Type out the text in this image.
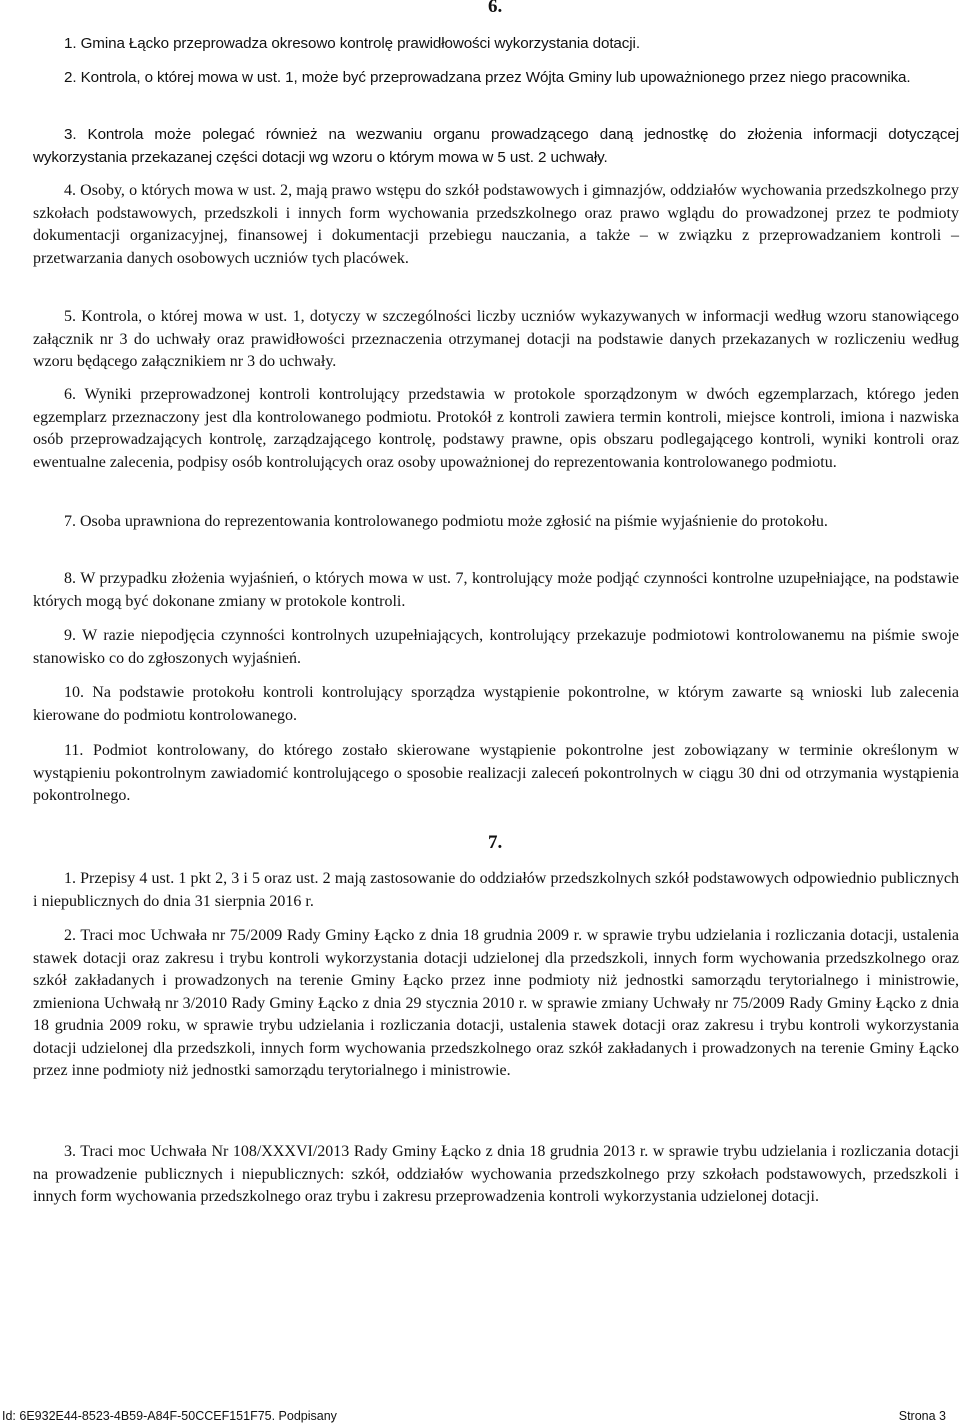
6.

1. Gmina Łącko przeprowadza okresowo kontrolę prawidłowości wykorzystania dotacji.

2. Kontrola, o której mowa w ust. 1, może być przeprowadzana przez Wójta Gminy lub upoważnionego przez niego pracownika.

3. Kontrola może polegać również na wezwaniu organu prowadzącego daną jednostkę do złożenia informacji dotyczącej wykorzystania przekazanej części dotacji wg wzoru o którym mowa w 5 ust. 2 uchwały.

4. Osoby, o których mowa w ust. 2, mają prawo wstępu do szkół podstawowych i gimnazjów, oddziałów wychowania przedszkolnego przy szkołach podstawowych, przedszkoli i innych form wychowania przedszkolnego oraz prawo wglądu do prowadzonej przez te podmioty dokumentacji organizacyjnej, finansowej i dokumentacji przebiegu nauczania, a także – w związku z przeprowadzaniem kontroli – przetwarzania danych osobowych uczniów tych placówek.

5. Kontrola, o której mowa w ust. 1, dotyczy w szczególności liczby uczniów wykazywanych w informacji według wzoru stanowiącego załącznik nr 3 do uchwały oraz prawidłowości przeznaczenia otrzymanej dotacji na podstawie danych przekazanych w rozliczeniu według wzoru będącego załącznikiem nr 3 do uchwały.

6. Wyniki przeprowadzonej kontroli kontrolujący przedstawia w protokole sporządzonym w dwóch egzemplarzach, którego jeden egzemplarz przeznaczony jest dla kontrolowanego podmiotu. Protokół z kontroli zawiera termin kontroli, miejsce kontroli, imiona i nazwiska osób przeprowadzających kontrolę, zarządzającego kontrolę, podstawy prawne, opis obszaru podlegającego kontroli, wyniki kontroli oraz ewentualne zalecenia, podpisy osób kontrolujących oraz osoby upoważnionej do reprezentowania kontrolowanego podmiotu.

7. Osoba uprawniona do reprezentowania kontrolowanego podmiotu może zgłosić na piśmie wyjaśnienie do protokołu.

8. W przypadku złożenia wyjaśnień, o których mowa w ust. 7, kontrolujący może podjąć czynności kontrolne uzupełniające, na podstawie których mogą być dokonane zmiany w protokole kontroli.

9. W razie niepodjęcia czynności kontrolnych uzupełniających, kontrolujący przekazuje podmiotowi kontrolowanemu na piśmie swoje stanowisko co do zgłoszonych wyjaśnień.

10. Na podstawie protokołu kontroli kontrolujący sporządza wystąpienie pokontrolne, w którym zawarte są wnioski lub zalecenia kierowane do podmiotu kontrolowanego.

11. Podmiot kontrolowany, do którego zostało skierowane wystąpienie pokontrolne jest zobowiązany w terminie określonym w wystąpieniu pokontrolnym zawiadomić kontrolującego o sposobie realizacji zaleceń pokontrolnych w ciągu 30 dni od otrzymania wystąpienia pokontrolnego.

7.

1. Przepisy 4 ust. 1 pkt 2, 3 i 5 oraz ust. 2 mają zastosowanie do oddziałów przedszkolnych szkół podstawowych odpowiednio publicznych i niepublicznych do dnia 31 sierpnia 2016 r.

2. Traci moc Uchwała nr 75/2009 Rady Gminy Łącko z dnia 18 grudnia 2009 r. w sprawie trybu udzielania i rozliczania dotacji, ustalenia stawek dotacji oraz zakresu i trybu kontroli wykorzystania dotacji udzielonej dla przedszkoli, innych form wychowania przedszkolnego oraz szkół zakładanych i prowadzonych na terenie Gminy Łącko przez inne podmioty niż jednostki samorządu terytorialnego i ministrowie, zmieniona Uchwałą nr 3/2010 Rady Gminy Łącko z dnia 29 stycznia 2010 r. w sprawie zmiany Uchwały nr 75/2009 Rady Gminy Łącko z dnia 18 grudnia 2009 roku, w sprawie trybu udzielania i rozliczania dotacji, ustalenia stawek dotacji oraz zakresu i trybu kontroli wykorzystania dotacji udzielonej dla przedszkoli, innych form wychowania przedszkolnego oraz szkół zakładanych i prowadzonych na terenie Gminy Łącko przez inne podmioty niż jednostki samorządu terytorialnego i ministrowie.

3. Traci moc Uchwała Nr 108/XXXVI/2013 Rady Gminy Łącko z dnia 18 grudnia 2013 r. w sprawie trybu udzielania i rozliczania dotacji na prowadzenie publicznych i niepublicznych: szkół, oddziałów wychowania przedszkolnego przy szkołach podstawowych, przedszkoli i innych form wychowania przedszkolnego oraz trybu i zakresu przeprowadzenia kontroli wykorzystania udzielonej dotacji.

Id: 6E932E44-8523-4B59-A84F-50CCEF151F75. Podpisany	Strona 3
